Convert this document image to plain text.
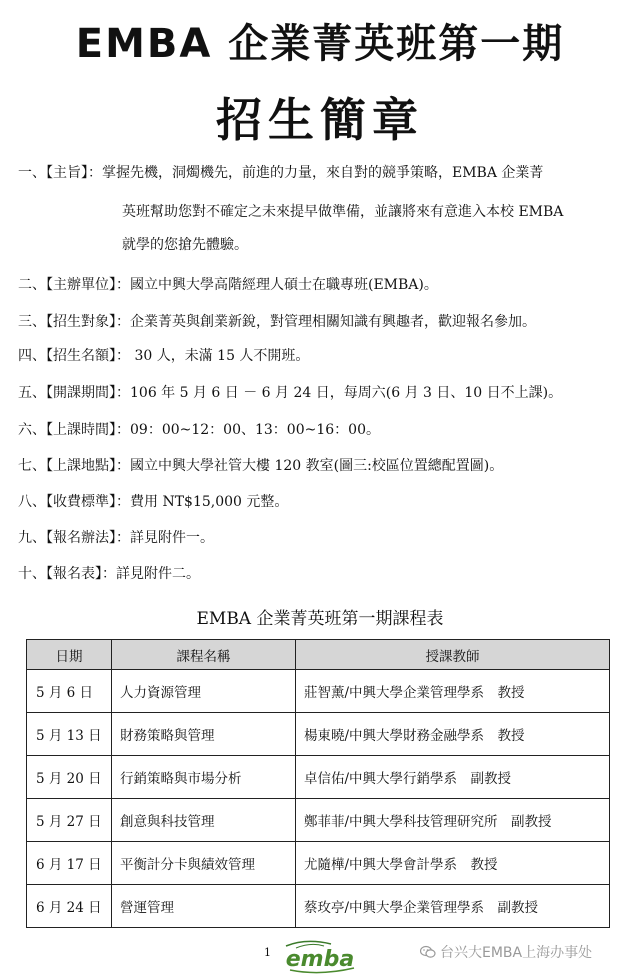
EMBA 企業菁英班第一期
招生簡章
一、【主旨】：掌握先機，洞燭機先，前進的力量，來自對的競爭策略，EMBA 企業菁
英班幫助您對不確定之未來提早做準備，並讓將來有意進入本校 EMBA
就學的您搶先體驗。
二、【主辦單位】：國立中興大學高階經理人碩士在職專班(EMBA)。
三、【招生對象】：企業菁英與創業新銳，對管理相關知識有興趣者，歡迎報名參加。
四、【招生名額】： 30 人，未滿 15 人不開班。
五、【開課期間】：106 年 5 月 6 日 － 6 月 24 日，每周六(6 月 3 日、10 日不上課)。
六、【上課時間】：09：00~12：00、13：00~16：00。
七、【上課地點】：國立中興大學社管大樓 120 教室(圖三:校區位置總配置圖)。
八、【收費標準】：費用 NT$15,000 元整。
九、【報名辦法】：詳見附件一。
十、【報名表】：詳見附件二。
EMBA 企業菁英班第一期課程表
日期	課程名稱	授課教師
5 月 6 日	人力資源管理	莊智薰/中興大學企業管理學系　教授
5 月 13 日	財務策略與管理	楊東曉/中興大學財務金融學系　教授
5 月 20 日	行銷策略與市場分析	卓信佑/中興大學行銷學系　副教授
5 月 27 日	創意與科技管理	鄭菲菲/中興大學科技管理研究所　副教授
6 月 17 日	平衡計分卡與績效管理	尤隨樺/中興大學會計學系　教授
6 月 24 日	營運管理	蔡玫亭/中興大學企業管理學系　副教授
1 emba	台兴大EMBA上海办事处
